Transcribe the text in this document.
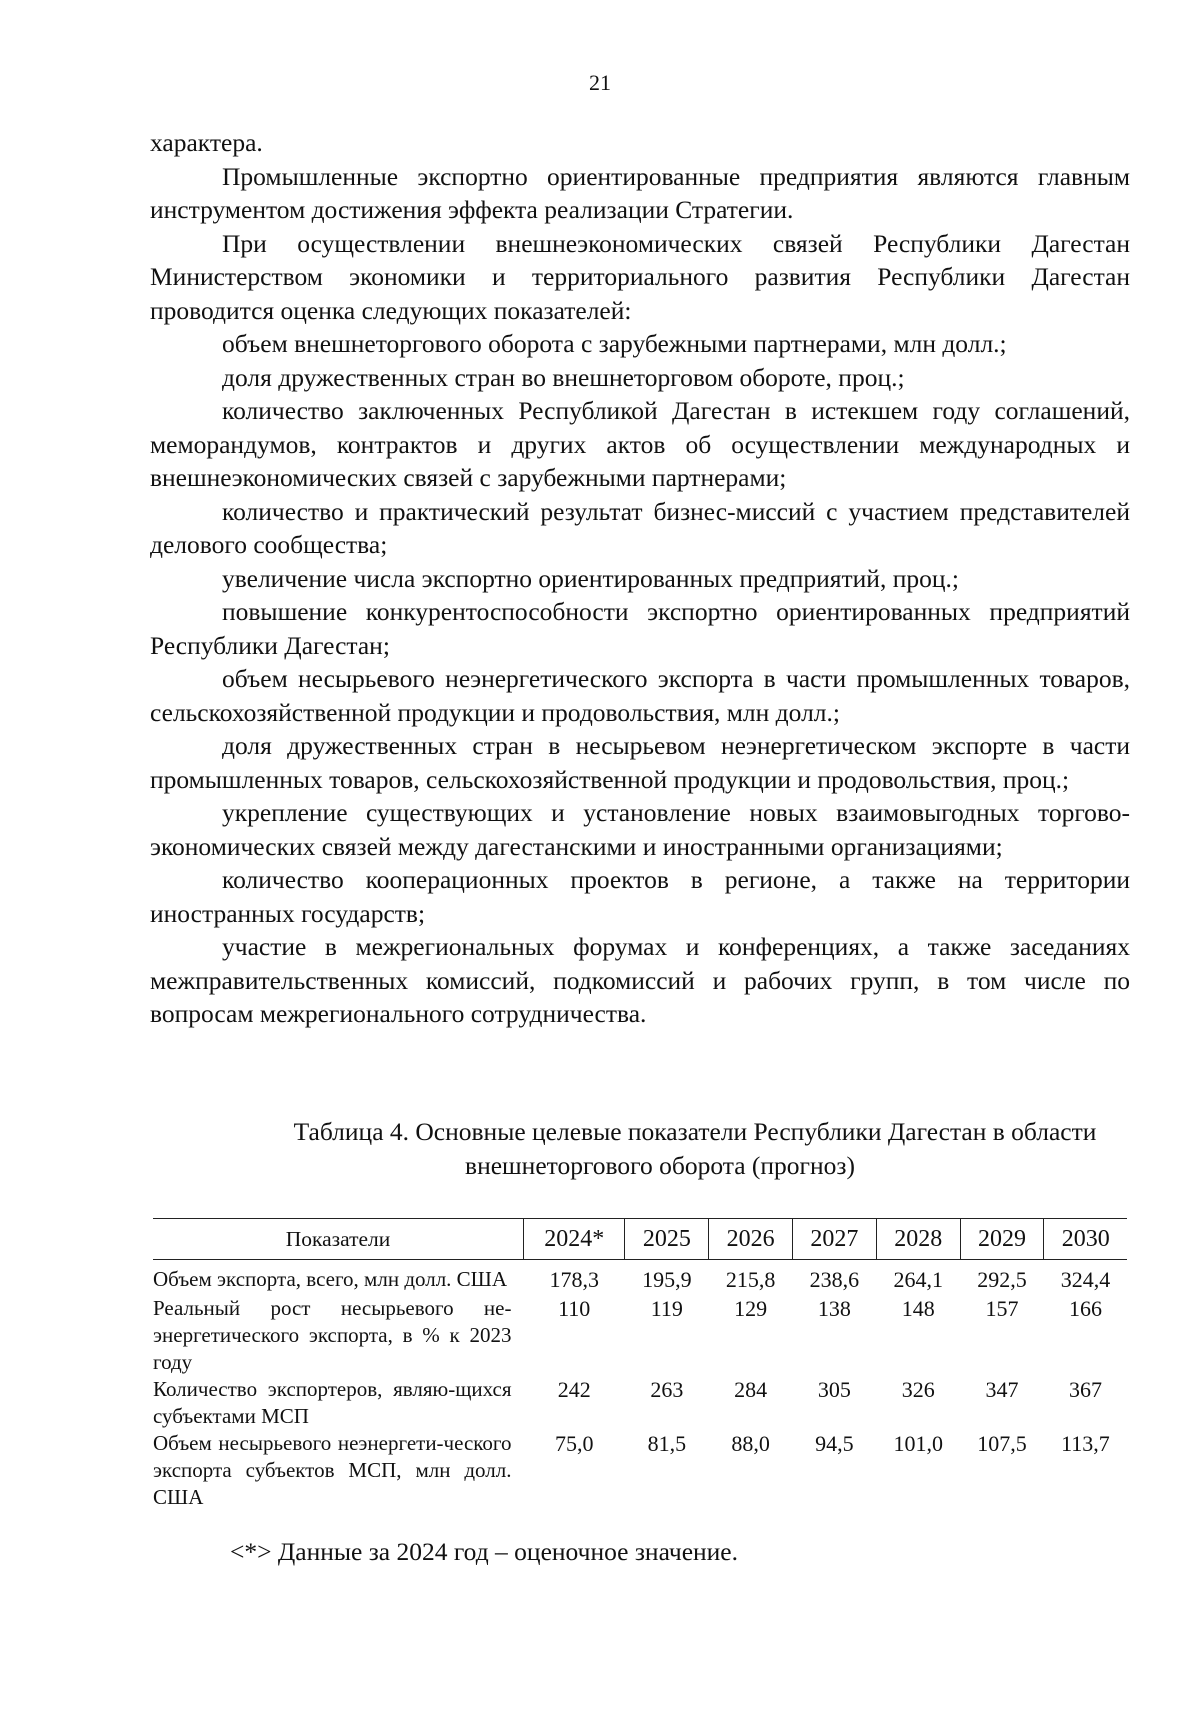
21

характера.

Промышленные экспортно ориентированные предприятия являются главным инструментом достижения эффекта реализации Стратегии.

При осуществлении внешнеэкономических связей Республики Дагестан Министерством экономики и территориального развития Республики Дагестан проводится оценка следующих показателей:

объем внешнеторгового оборота с зарубежными партнерами, млн долл.;

доля дружественных стран во внешнеторговом обороте, проц.;

количество заключенных Республикой Дагестан в истекшем году соглашений, меморандумов, контрактов и других актов об осуществлении международных и внешнеэкономических связей с зарубежными партнерами;

количество и практический результат бизнес-миссий с участием представителей делового сообщества;

увеличение числа экспортно ориентированных предприятий, проц.;

повышение конкурентоспособности экспортно ориентированных предприятий Республики Дагестан;

объем несырьевого неэнергетического экспорта в части промышленных товаров, сельскохозяйственной продукции и продовольствия, млн долл.;

доля дружественных стран в несырьевом неэнергетическом экспорте в части промышленных товаров, сельскохозяйственной продукции и продовольствия, проц.;

укрепление существующих и установление новых взаимовыгодных торгово-экономических связей между дагестанскими и иностранными организациями;

количество кооперационных проектов в регионе, а также на территории иностранных государств;

участие в межрегиональных форумах и конференциях, а также заседаниях межправительственных комиссий, подкомиссий и рабочих групп, в том числе по вопросам межрегионального сотрудничества.

Таблица 4. Основные целевые показатели Республики Дагестан в области
внешнеторгового оборота (прогноз)
Показатели	2024*	2025	2026	2027	2028	2029	2030
Объем экспорта, всего, млн долл. США	178,3	195,9	215,8	238,6	264,1	292,5	324,4
Реальный рост несырьевого не-энергетического экспорта, в % к 2023 году	110	119	129	138	148	157	166
Количество экспортеров, являю-щихся субъектами МСП	242	263	284	305	326	347	367
Объем несырьевого неэнергети-ческого экспорта субъектов МСП, млн долл. США	75,0	81,5	88,0	94,5	101,0	107,5	113,7
<*> Данные за 2024 год – оценочное значение.
